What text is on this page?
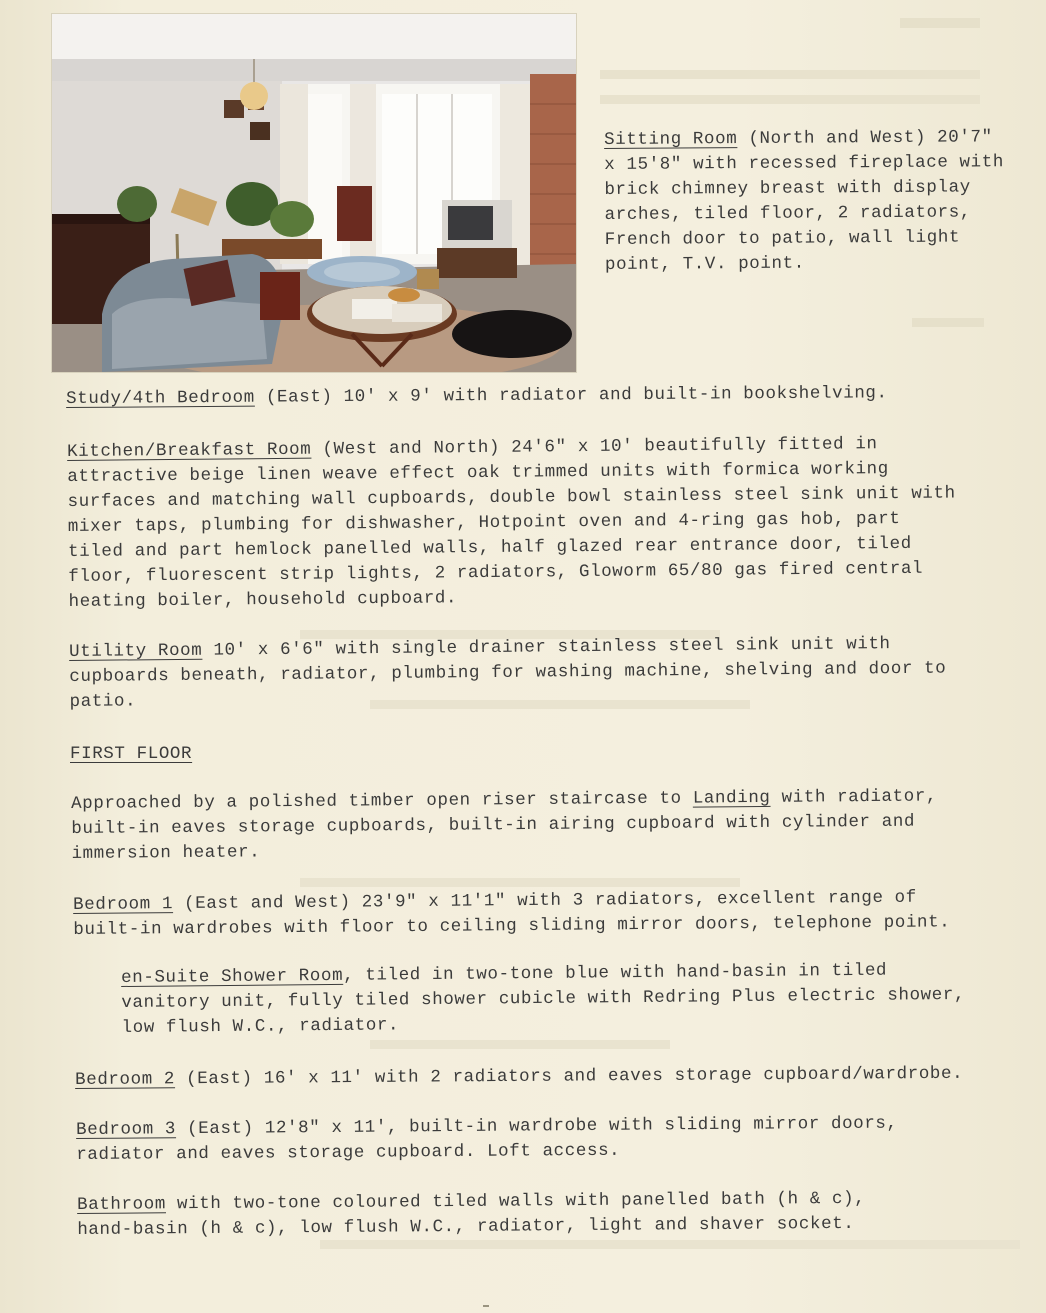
Sitting Room (North and West) 20'7"
x 15'8" with recessed fireplace with
brick chimney breast with display
arches, tiled floor, 2 radiators,
French door to patio, wall light
point, T.V. point.
Study/4th Bedroom (East) 10' x 9' with radiator and built-in bookshelving.
Kitchen/Breakfast Room (West and North) 24'6" x 10' beautifully fitted in
attractive beige linen weave effect oak trimmed units with formica working
surfaces and matching wall cupboards, double bowl stainless steel sink unit with
mixer taps, plumbing for dishwasher, Hotpoint oven and 4-ring gas hob, part
tiled and part hemlock panelled walls, half glazed rear entrance door, tiled
floor, fluorescent strip lights, 2 radiators, Gloworm 65/80 gas fired central
heating boiler, household cupboard.
Utility Room 10' x 6'6" with single drainer stainless steel sink unit with
cupboards beneath, radiator, plumbing for washing machine, shelving and door to
patio.
FIRST FLOOR
Approached by a polished timber open riser staircase to Landing with radiator,
built-in eaves storage cupboards, built-in airing cupboard with cylinder and
immersion heater.
Bedroom 1 (East and West) 23'9" x 11'1" with 3 radiators, excellent range of
built-in wardrobes with floor to ceiling sliding mirror doors, telephone point.
en-Suite Shower Room, tiled in two-tone blue with hand-basin in tiled
vanitory unit, fully tiled shower cubicle with Redring Plus electric shower,
low flush W.C., radiator.
Bedroom 2 (East) 16' x 11' with 2 radiators and eaves storage cupboard/wardrobe.
Bedroom 3 (East) 12'8" x 11', built-in wardrobe with sliding mirror doors,
radiator and eaves storage cupboard. Loft access.
Bathroom with two-tone coloured tiled walls with panelled bath (h & c),
hand-basin (h & c), low flush W.C., radiator, light and shaver socket.
